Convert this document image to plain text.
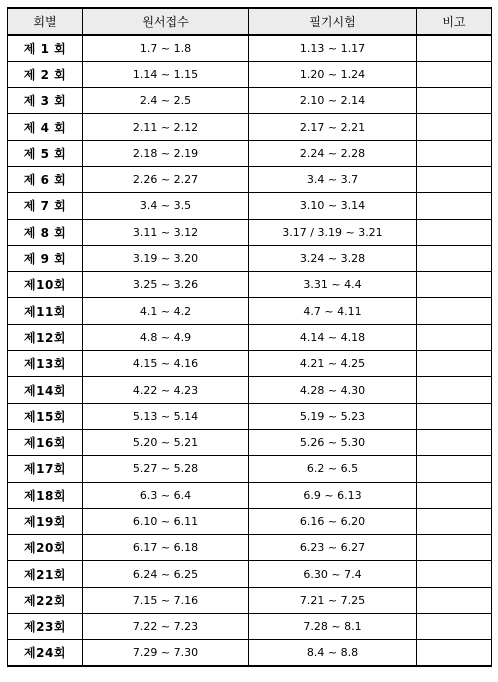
회별	원서접수	필기시험	비고
제 1 회	1.7 ~ 1.8	1.13 ~ 1.17	
제 2 회	1.14 ~ 1.15	1.20 ~ 1.24	
제 3 회	2.4 ~ 2.5	2.10 ~ 2.14	
제 4 회	2.11 ~ 2.12	2.17 ~ 2.21	
제 5 회	2.18 ~ 2.19	2.24 ~ 2.28	
제 6 회	2.26 ~ 2.27	3.4 ~ 3.7	
제 7 회	3.4 ~ 3.5	3.10 ~ 3.14	
제 8 회	3.11 ~ 3.12	3.17 / 3.19 ~ 3.21	
제 9 회	3.19 ~ 3.20	3.24 ~ 3.28	
제10회	3.25 ~ 3.26	3.31 ~ 4.4	
제11회	4.1 ~ 4.2	4.7 ~ 4.11	
제12회	4.8 ~ 4.9	4.14 ~ 4.18	
제13회	4.15 ~ 4.16	4.21 ~ 4.25	
제14회	4.22 ~ 4.23	4.28 ~ 4.30	
제15회	5.13 ~ 5.14	5.19 ~ 5.23	
제16회	5.20 ~ 5.21	5.26 ~ 5.30	
제17회	5.27 ~ 5.28	6.2 ~ 6.5	
제18회	6.3 ~ 6.4	6.9 ~ 6.13	
제19회	6.10 ~ 6.11	6.16 ~ 6.20	
제20회	6.17 ~ 6.18	6.23 ~ 6.27	
제21회	6.24 ~ 6.25	6.30 ~ 7.4	
제22회	7.15 ~ 7.16	7.21 ~ 7.25	
제23회	7.22 ~ 7.23	7.28 ~ 8.1	
제24회	7.29 ~ 7.30	8.4 ~ 8.8	
